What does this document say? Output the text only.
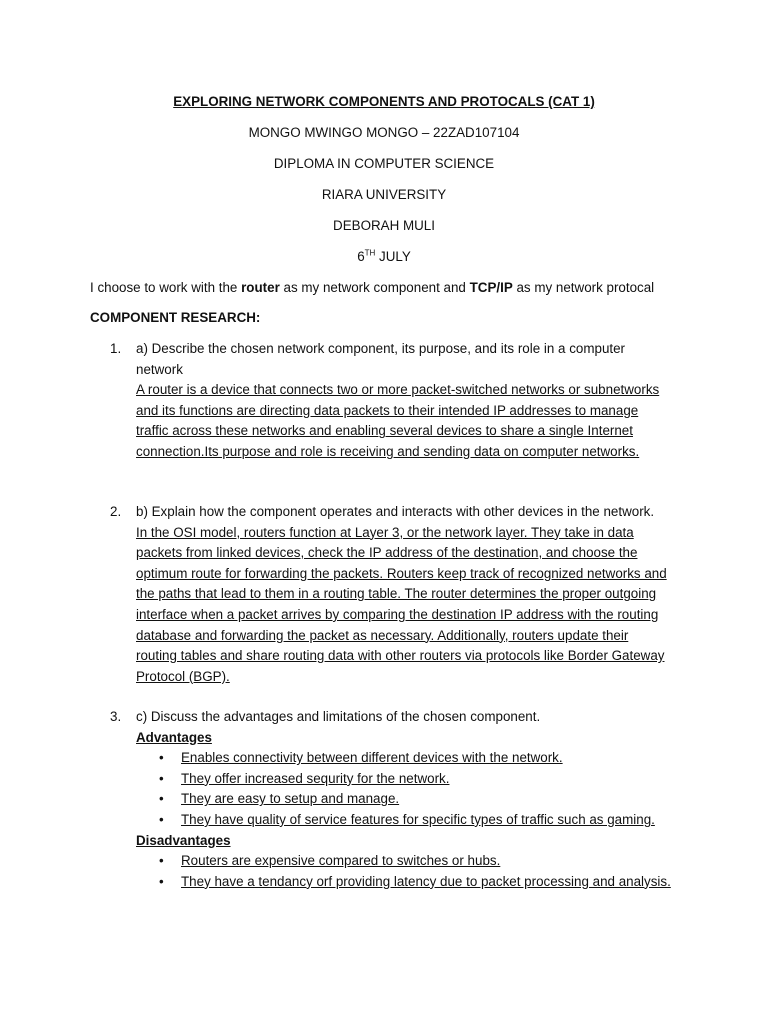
EXPLORING NETWORK COMPONENTS AND PROTOCALS (CAT 1)

MONGO MWINGO MONGO – 22ZAD107104

DIPLOMA IN COMPUTER SCIENCE

RIARA UNIVERSITY

DEBORAH MULI

6TH JULY

I choose to work with the router as my network component and TCP/IP as my network protocal

COMPONENT RESEARCH:

1. a) Describe the chosen network component, its purpose, and its role in a computer network

A router is a device that connects two or more packet-switched networks or subnetworks and its functions are directing data packets to their intended IP addresses to manage traffic across these networks and enabling several devices to share a single Internet connection.Its purpose and role is receiving and sending data on computer networks.

2. b) Explain how the component operates and interacts with other devices in the network.

In the OSI model, routers function at Layer 3, or the network layer. They take in data packets from linked devices, check the IP address of the destination, and choose the optimum route for forwarding the packets. Routers keep track of recognized networks and the paths that lead to them in a routing table. The router determines the proper outgoing interface when a packet arrives by comparing the destination IP address with the routing database and forwarding the packet as necessary. Additionally, routers update their routing tables and share routing data with other routers via protocols like Border Gateway Protocol (BGP).

3. c) Discuss the advantages and limitations of the chosen component.

Advantages

• Enables connectivity between different devices with the network.
• They offer increased sequrity for the network.
• They are easy to setup and manage.
• They have quality of service features for specific types of traffic such as gaming.

Disadvantages

• Routers are expensive compared to switches or hubs.
• They have a tendancy orf providing latency due to packet processing and analysis.
